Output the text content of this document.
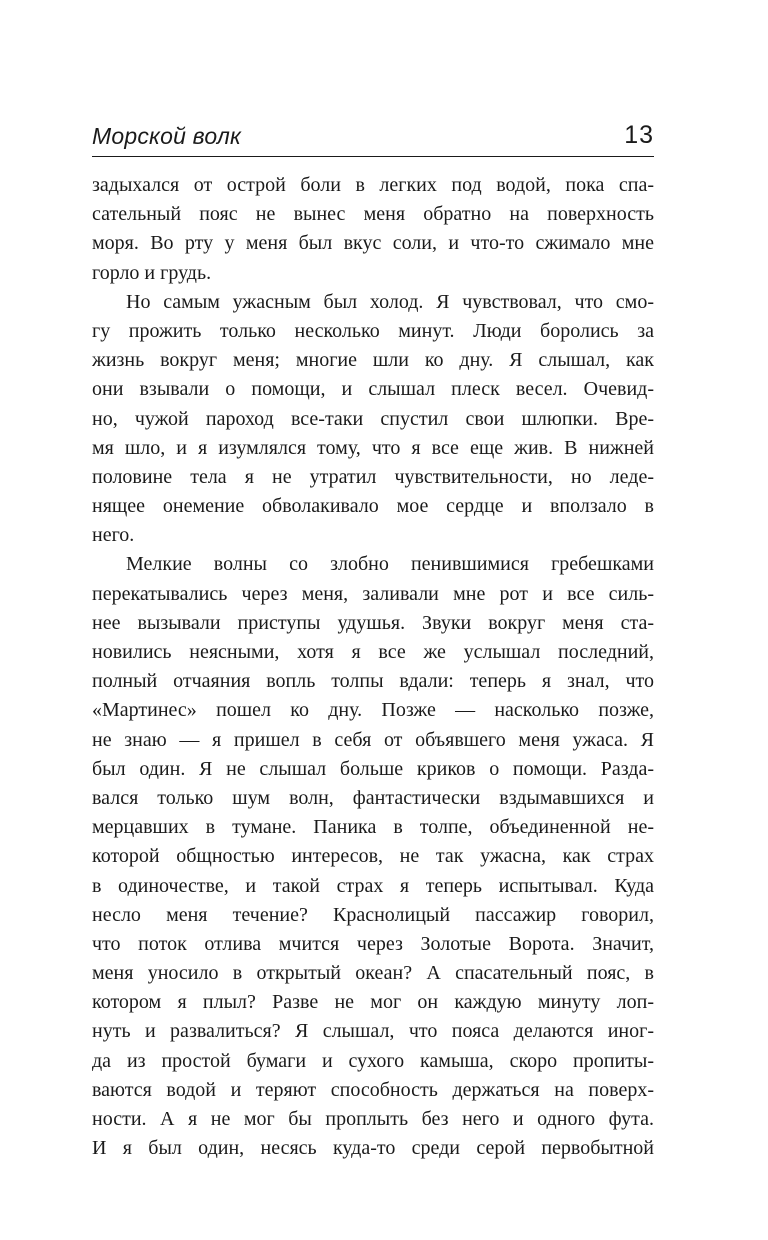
Морской волк	13
задыхался от острой боли в легких под водой, пока спа-
сательный пояс не вынес меня обратно на поверхность
моря. Во рту у меня был вкус соли, и что-то сжимало мне
горло и грудь.
Но самым ужасным был холод. Я чувствовал, что смо-
гу прожить только несколько минут. Люди боролись за
жизнь вокруг меня; многие шли ко дну. Я слышал, как
они взывали о помощи, и слышал плеск весел. Очевид-
но, чужой пароход все-таки спустил свои шлюпки. Вре-
мя шло, и я изумлялся тому, что я все еще жив. В нижней
половине тела я не утратил чувствительности, но леде-
нящее онемение обволакивало мое сердце и вползало в
него.
Мелкие волны со злобно пенившимися гребешками
перекатывались через меня, заливали мне рот и все силь-
нее вызывали приступы удушья. Звуки вокруг меня ста-
новились неясными, хотя я все же услышал последний,
полный отчаяния вопль толпы вдали: теперь я знал, что
«Мартинес» пошел ко дну. Позже — насколько позже,
не знаю — я пришел в себя от объявшего меня ужаса. Я
был один. Я не слышал больше криков о помощи. Разда-
вался только шум волн, фантастически вздымавшихся и
мерцавших в тумане. Паника в толпе, объединенной не-
которой общностью интересов, не так ужасна, как страх
в одиночестве, и такой страх я теперь испытывал. Куда
несло меня течение? Краснолицый пассажир говорил,
что поток отлива мчится через Золотые Ворота. Значит,
меня уносило в открытый океан? А спасательный пояс, в
котором я плыл? Разве не мог он каждую минуту лоп-
нуть и развалиться? Я слышал, что пояса делаются иног-
да из простой бумаги и сухого камыша, скоро пропиты-
ваются водой и теряют способность держаться на поверх-
ности. А я не мог бы проплыть без него и одного фута.
И я был один, несясь куда-то среди серой первобытной
